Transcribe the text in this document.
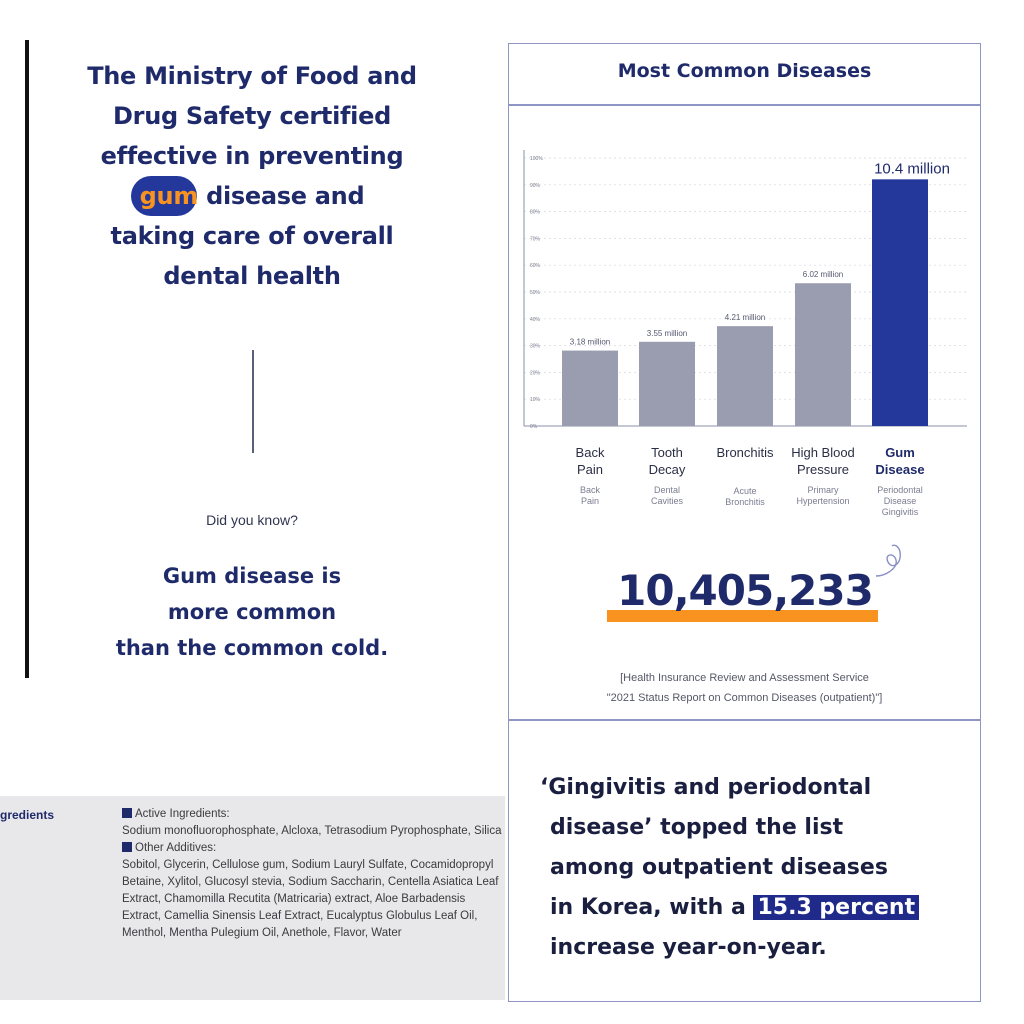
The Ministry of Food and
Drug Safety certified
effective in preventing
gum disease and
taking care of overall
dental health
Did you know?
Gum disease is
more common
than the common cold.
gredients	Active Ingredients:
Sodium monofluorophosphate, Alcloxa, Tetrasodium Pyrophosphate, Silica
Other Additives:
Sobitol, Glycerin, Cellulose gum, Sodium Lauryl Sulfate, Cocamidopropyl Betaine, Xylitol, Glucosyl stevia, Sodium Saccharin, Centella Asiatica Leaf Extract, Chamomilla Recutita (Matricaria) extract, Aloe Barbadensis Extract, Camellia Sinensis Leaf Extract, Eucalyptus Globulus Leaf Oil, Menthol, Mentha Pulegium Oil, Anethole, Flavor, Water
Most Common Diseases
0%
10%
20%
30%
40%
50%
60%
70%
80%
90%
100%
3.18 million
Back
Pain
Back
Pain
3.55 million
Tooth
Decay
Dental
Cavities
4.21 million
Bronchitis
Acute
Bronchitis
6.02 million
High Blood
Pressure
Primary
Hypertension
10.4 million
Gum
Disease
Periodontal
Disease
Gingivitis
10,405,233
[Health Insurance Review and Assessment Service
"2021 Status Report on Common Diseases (outpatient)"]
‘Gingivitis and periodontal
disease’ topped the list
among outpatient diseases
in Korea, with a 15.3 percent
increase year-on-year.
